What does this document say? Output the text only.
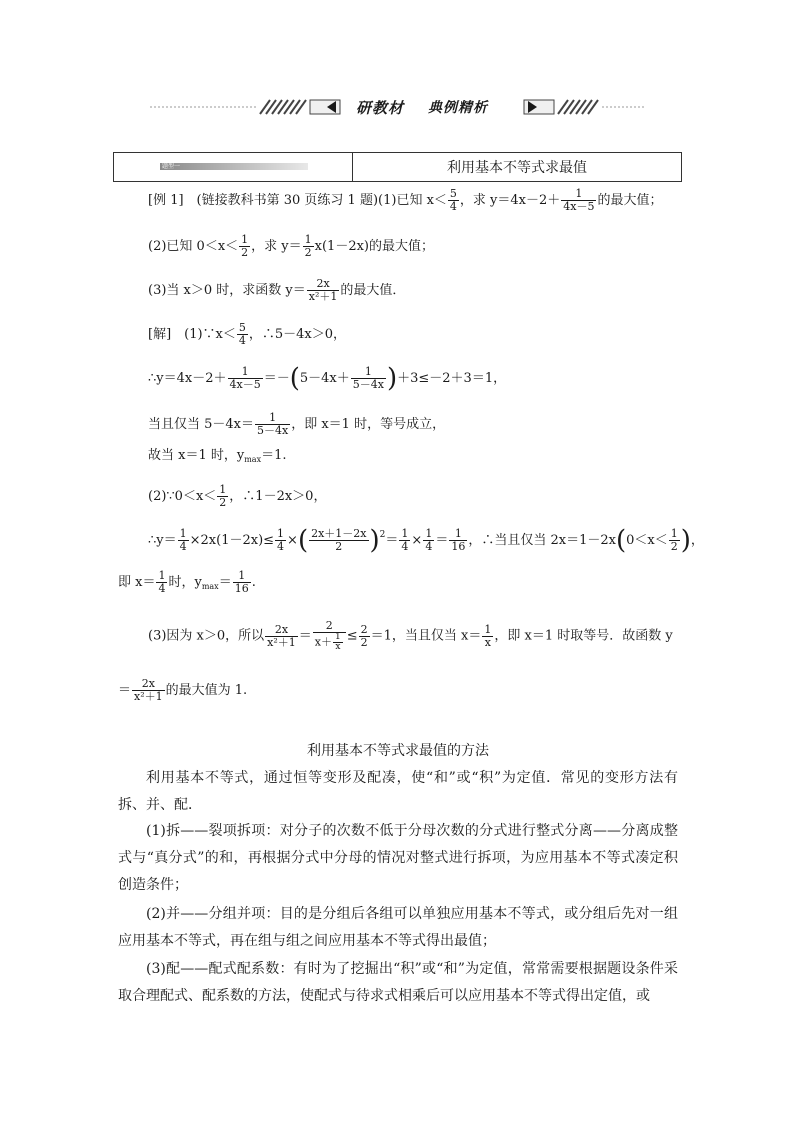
研教材 典例精析
题型一	利用基本不等式求最值
[例 1]　(链接教科书第 30 页练习 1 题)(1)已知 $x< \frac{5}{4}$ ，求 $y=4x-2+ \frac{1}{4x-5}$ 的最大值；
(2)已知 $0<x< \frac{1}{2}$ ，求 $y= \frac{1}{2} x(1-2x)$的最大值；
(3)当 x＞0 时，求函数 $y= \frac{2x}{\text{x²＋1}}$ 的最大值．
[解]　(1)∵x＜ $\frac{5}{4}$ ，∴5－4x＞0，
∴y＝4x－2＋ $\frac{1}{4x-5} =-(5-4x+ \frac{1}{5-4x} )+3\le-2+3=1$，
当且仅当 $5-4x= \frac{1}{5-4x}$ ，即 x＝1 时，等号成立，
故当 x＝1 时，$y_{max}=1$.
(2)∵0＜x＜ $\frac{1}{2}$ ，∴1－2x＞0，
∴y＝ $\frac{1}{4} \times 2x(1-2x)\le \frac{1}{4}$ ×( $\frac{2x+1-2x}{2} )^2= \frac{1}{4} \times \frac{1}{4} = \frac{1}{16}$ ，∴当且仅当 $2x=1-2x(0<x< \frac{1}{2}$ )，
即 $x= \frac{1}{4}$ 时，$y_{max}= \frac{1}{16}$ .
(3)因为 x＞0，所以 $\frac{2x}{\text{x²＋1}} = \frac{2}{x+ \frac{1}{x}} \le \frac{2}{2} =1$，当且仅当 $x= \frac{1}{x}$ ，即 x＝1 时取等号．故函数 y
＝ $\frac{2x}{\text{x²＋1}}$ 的最大值为 1.
利用基本不等式求最值的方法
利用基本不等式，通过恒等变形及配凑，使“和”或“积”为定值．常见的变形方法有拆、并、配．
(1)拆——裂项拆项：对分子的次数不低于分母次数的分式进行整式分离——分离成整式与“真分式”的和，再根据分式中分母的情况对整式进行拆项，为应用基本不等式凑定积创造条件；
(2)并——分组并项：目的是分组后各组可以单独应用基本不等式，或分组后先对一组应用基本不等式，再在组与组之间应用基本不等式得出最值；
(3)配——配式配系数：有时为了挖掘出“积”或“和”为定值，常常需要根据题设条件采取合理配式、配系数的方法，使配式与待求式相乘后可以应用基本不等式得出定值，或
